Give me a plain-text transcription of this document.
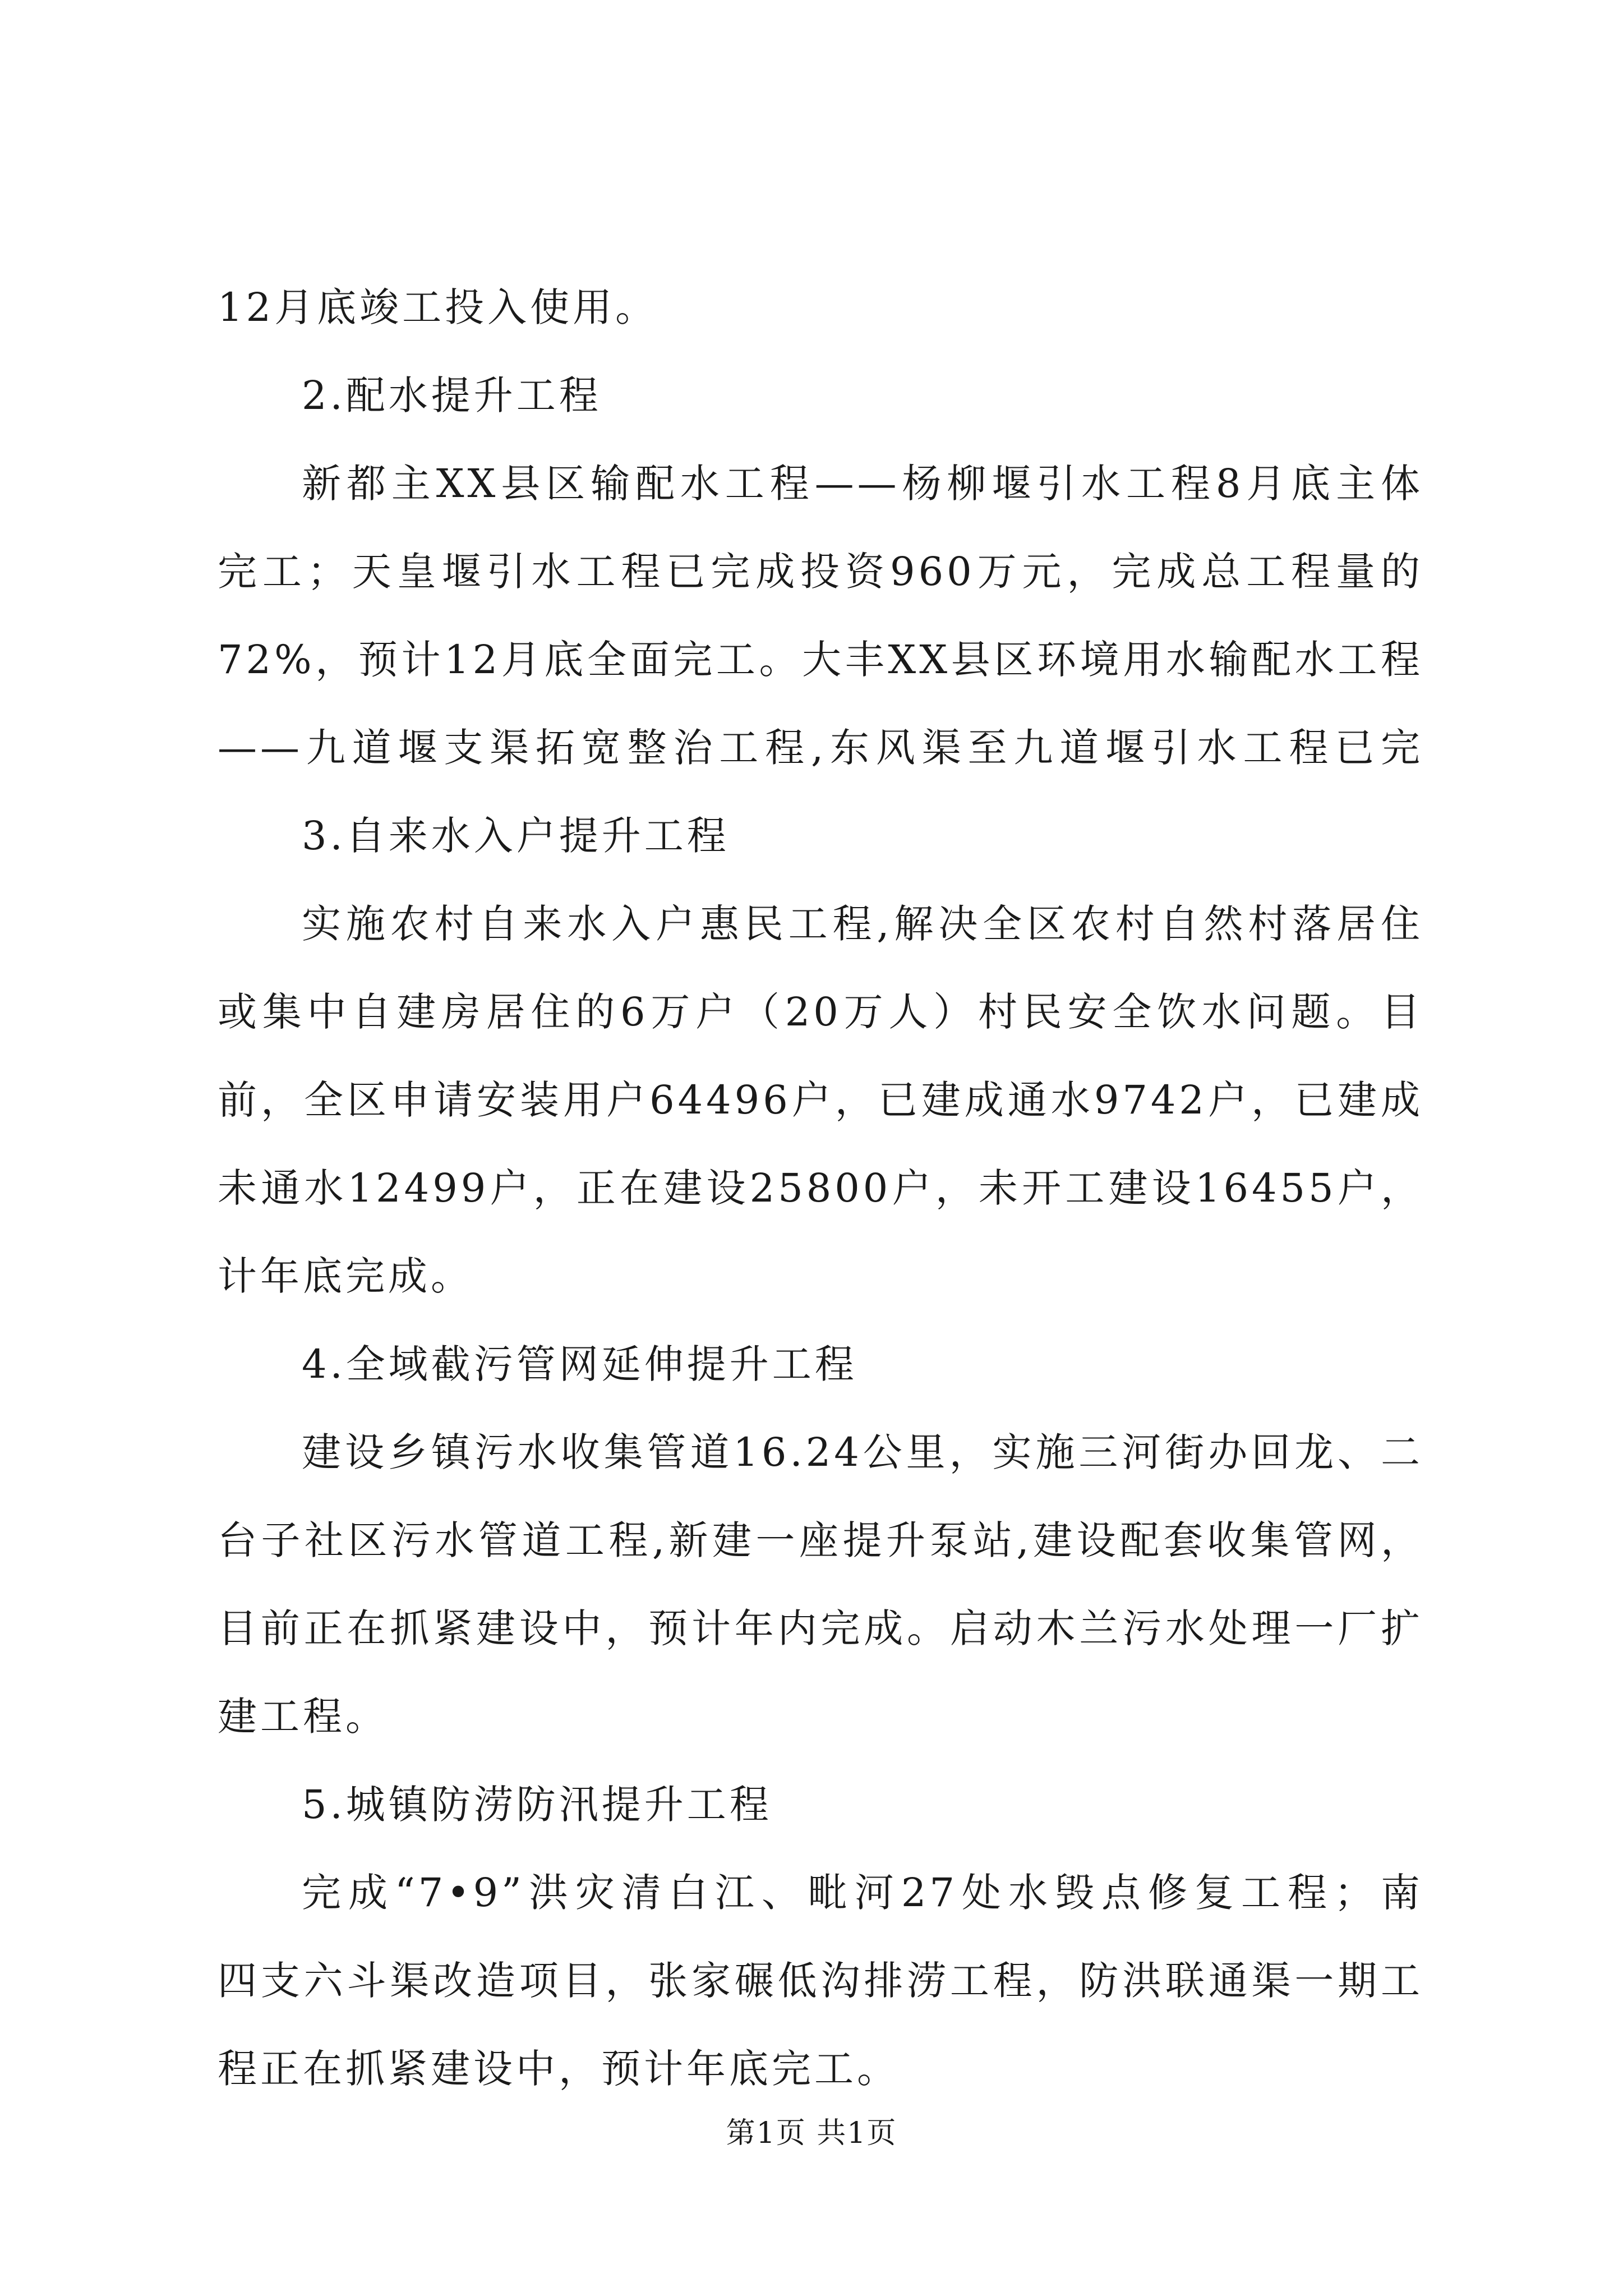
12月底竣工投入使用。
2.配水提升工程
新都主XX县区输配水工程——杨柳堰引水工程8月底主体
完工；天皇堰引水工程已完成投资960万元，完成总工程量的
72%，预计12月底全面完工。大丰XX县区环境用水输配水工程
——九道堰支渠拓宽整治工程,东风渠至九道堰引水工程已完
3.自来水入户提升工程
实施农村自来水入户惠民工程,解决全区农村自然村落居住
或集中自建房居住的6万户（20万人）村民安全饮水问题。目
前，全区申请安装用户64496户，已建成通水9742户，已建成
未通水12499户，正在建设25800户，未开工建设16455户，
计年底完成。
4.全域截污管网延伸提升工程
建设乡镇污水收集管道16.24公里，实施三河街办回龙、二
台子社区污水管道工程,新建一座提升泵站,建设配套收集管网，
目前正在抓紧建设中，预计年内完成。启动木兰污水处理一厂扩
建工程。
5.城镇防涝防汛提升工程
完成“7•9”洪灾清白江、毗河27处水毁点修复工程；南
四支六斗渠改造项目，张家碾低沟排涝工程，防洪联通渠一期工
程正在抓紧建设中，预计年底完工。
第1页 共1页
